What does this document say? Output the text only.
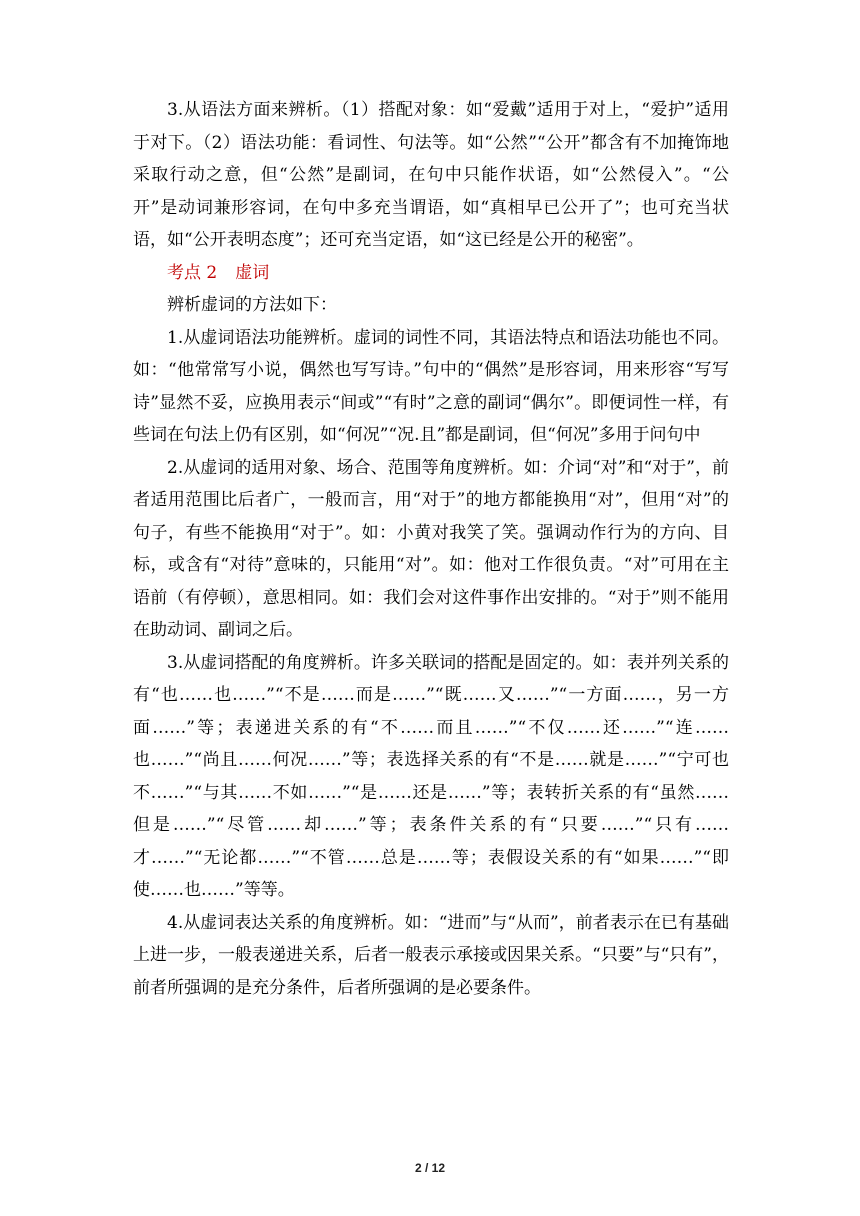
3.从语法方面来辨析。（1）搭配对象：如“爱戴”适用于对上，“爱护”适用于对下。（2）语法功能：看词性、句法等。如“公然”“公开”都含有不加掩饰地采取行动之意，但“公然”是副词，在句中只能作状语，如“公然侵入”。“公开”是动词兼形容词，在句中多充当谓语，如“真相早已公开了”；也可充当状语，如“公开表明态度”；还可充当定语，如“这已经是公开的秘密”。

考点 2 虚词

辨析虚词的方法如下：

1.从虚词语法功能辨析。虚词的词性不同，其语法特点和语法功能也不同。如：“他常常写小说，偶然也写写诗。”句中的“偶然”是形容词，用来形容“写写诗”显然不妥，应换用表示“间或”“有时”之意的副词“偶尔”。即便词性一样，有些词在句法上仍有区别，如“何况”“况.且”都是副词，但“何况”多用于问句中

2.从虚词的适用对象、场合、范围等角度辨析。如：介词“对”和“对于”，前者适用范围比后者广，一般而言，用“对于”的地方都能换用“对”，但用“对”的句子，有些不能换用“对于”。如：小黄对我笑了笑。强调动作行为的方向、目标，或含有“对待”意味的，只能用“对”。如：他对工作很负责。“对”可用在主语前（有停顿），意思相同。如：我们会对这件事作出安排的。“对于”则不能用在助动词、副词之后。

3.从虚词搭配的角度辨析。许多关联词的搭配是固定的。如：表并列关系的有“也……也……”“不是……而是……”“既……又……”“一方面……，另一方面……”等；表递进关系的有“不……而且……”“不仅……还……”“连……也……”“尚且……何况……”等；表选择关系的有“不是……就是……”“宁可也不……”“与其……不如……”“是……还是……”等；表转折关系的有“虽然……但是……”“尽管……却……”等；表条件关系的有“只要……”“只有……才……”“无论都……”“不管……总是……等；表假设关系的有“如果……”“即使……也……”等等。

4.从虚词表达关系的角度辨析。如：“进而”与“从而”，前者表示在已有基础上进一步，一般表递进关系，后者一般表示承接或因果关系。“只要”与“只有”，前者所强调的是充分条件，后者所强调的是必要条件。

2 / 12
